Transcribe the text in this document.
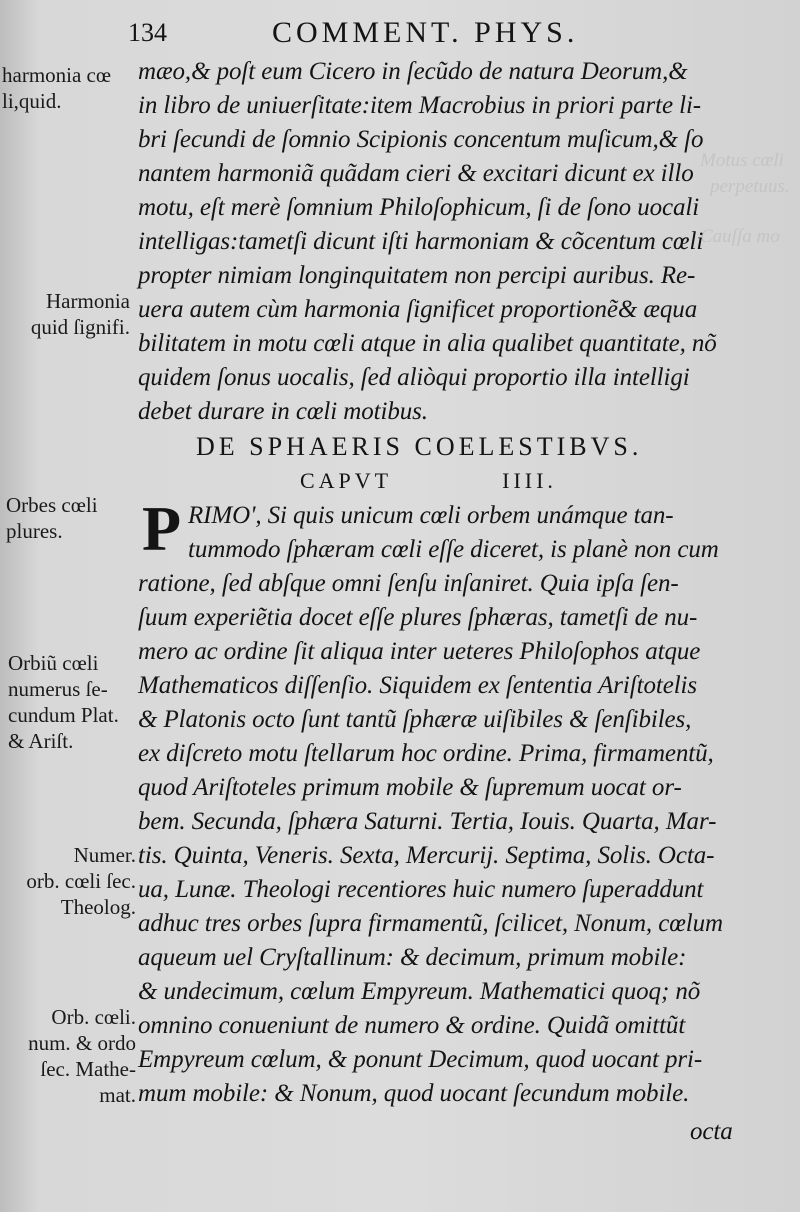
134	COMMENT. PHYS.
Motus cœli
perpetuus.
Cauſſa mo
harmonia cœ
li,quid.
Harmonia
quid ſignifi.
Orbes cœli
plures.
Orbiũ cœli
numerus ſe-
cundum Plat.
& Ariſt.
Numer.
orb. cœli ſec.
Theolog.
Orb. cœli.
num. & ordo
ſec. Mathe-
mat.
mæo,& poſt eum Cicero in ſecũdo de natura Deorum,&
in libro de uniuerſitate:item Macrobius in priori parte li-
bri ſecundi de ſomnio Scipionis concentum muſicum,& ſo
nantem harmoniã quãdam cieri & excitari dicunt ex illo
motu, eſt merè ſomnium Philoſophicum, ſi de ſono uocali
intelligas:tametſi dicunt iſti harmoniam & cõcentum cœli
propter nimiam longinquitatem non percipi auribus. Re-
uera autem cùm harmonia ſignificet proportionẽ& æqua
bilitatem in motu cœli atque in alia qualibet quantitate, nõ
quidem ſonus uocalis, ſed aliòqui proportio illa intelligi
debet durare in cœli motibus.
DE SPHAERIS COELESTIBVS.
CAPVT	IIII.
P RIMO', Si quis unicum cœli orbem unámque tan-
tummodo ſphæram cœli eſſe diceret, is planè non cum
ratione, ſed abſque omni ſenſu inſaniret. Quia ipſa ſen-
ſuum experiẽtia docet eſſe plures ſphæras, tametſi de nu-
mero ac ordine ſit aliqua inter ueteres Philoſophos atque
Mathematicos diſſenſio. Siquidem ex ſententia Ariſtotelis
& Platonis octo ſunt tantũ ſphæræ uiſibiles & ſenſibiles,
ex diſcreto motu ſtellarum hoc ordine. Prima, firmamentũ,
quod Ariſtoteles primum mobile & ſupremum uocat or-
bem. Secunda, ſphæra Saturni. Tertia, Iouis. Quarta, Mar-
tis. Quinta, Veneris. Sexta, Mercurij. Septima, Solis. Octa-
ua, Lunæ. Theologi recentiores huic numero ſuperaddunt
adhuc tres orbes ſupra firmamentũ, ſcilicet, Nonum, cœlum
aqueum uel Cryſtallinum: & decimum, primum mobile:
& undecimum, cœlum Empyreum. Mathematici quoq; nõ
omnino conueniunt de numero & ordine. Quidã omittũt
Empyreum cœlum, & ponunt Decimum, quod uocant pri-
mum mobile: & Nonum, quod uocant ſecundum mobile.
octa
